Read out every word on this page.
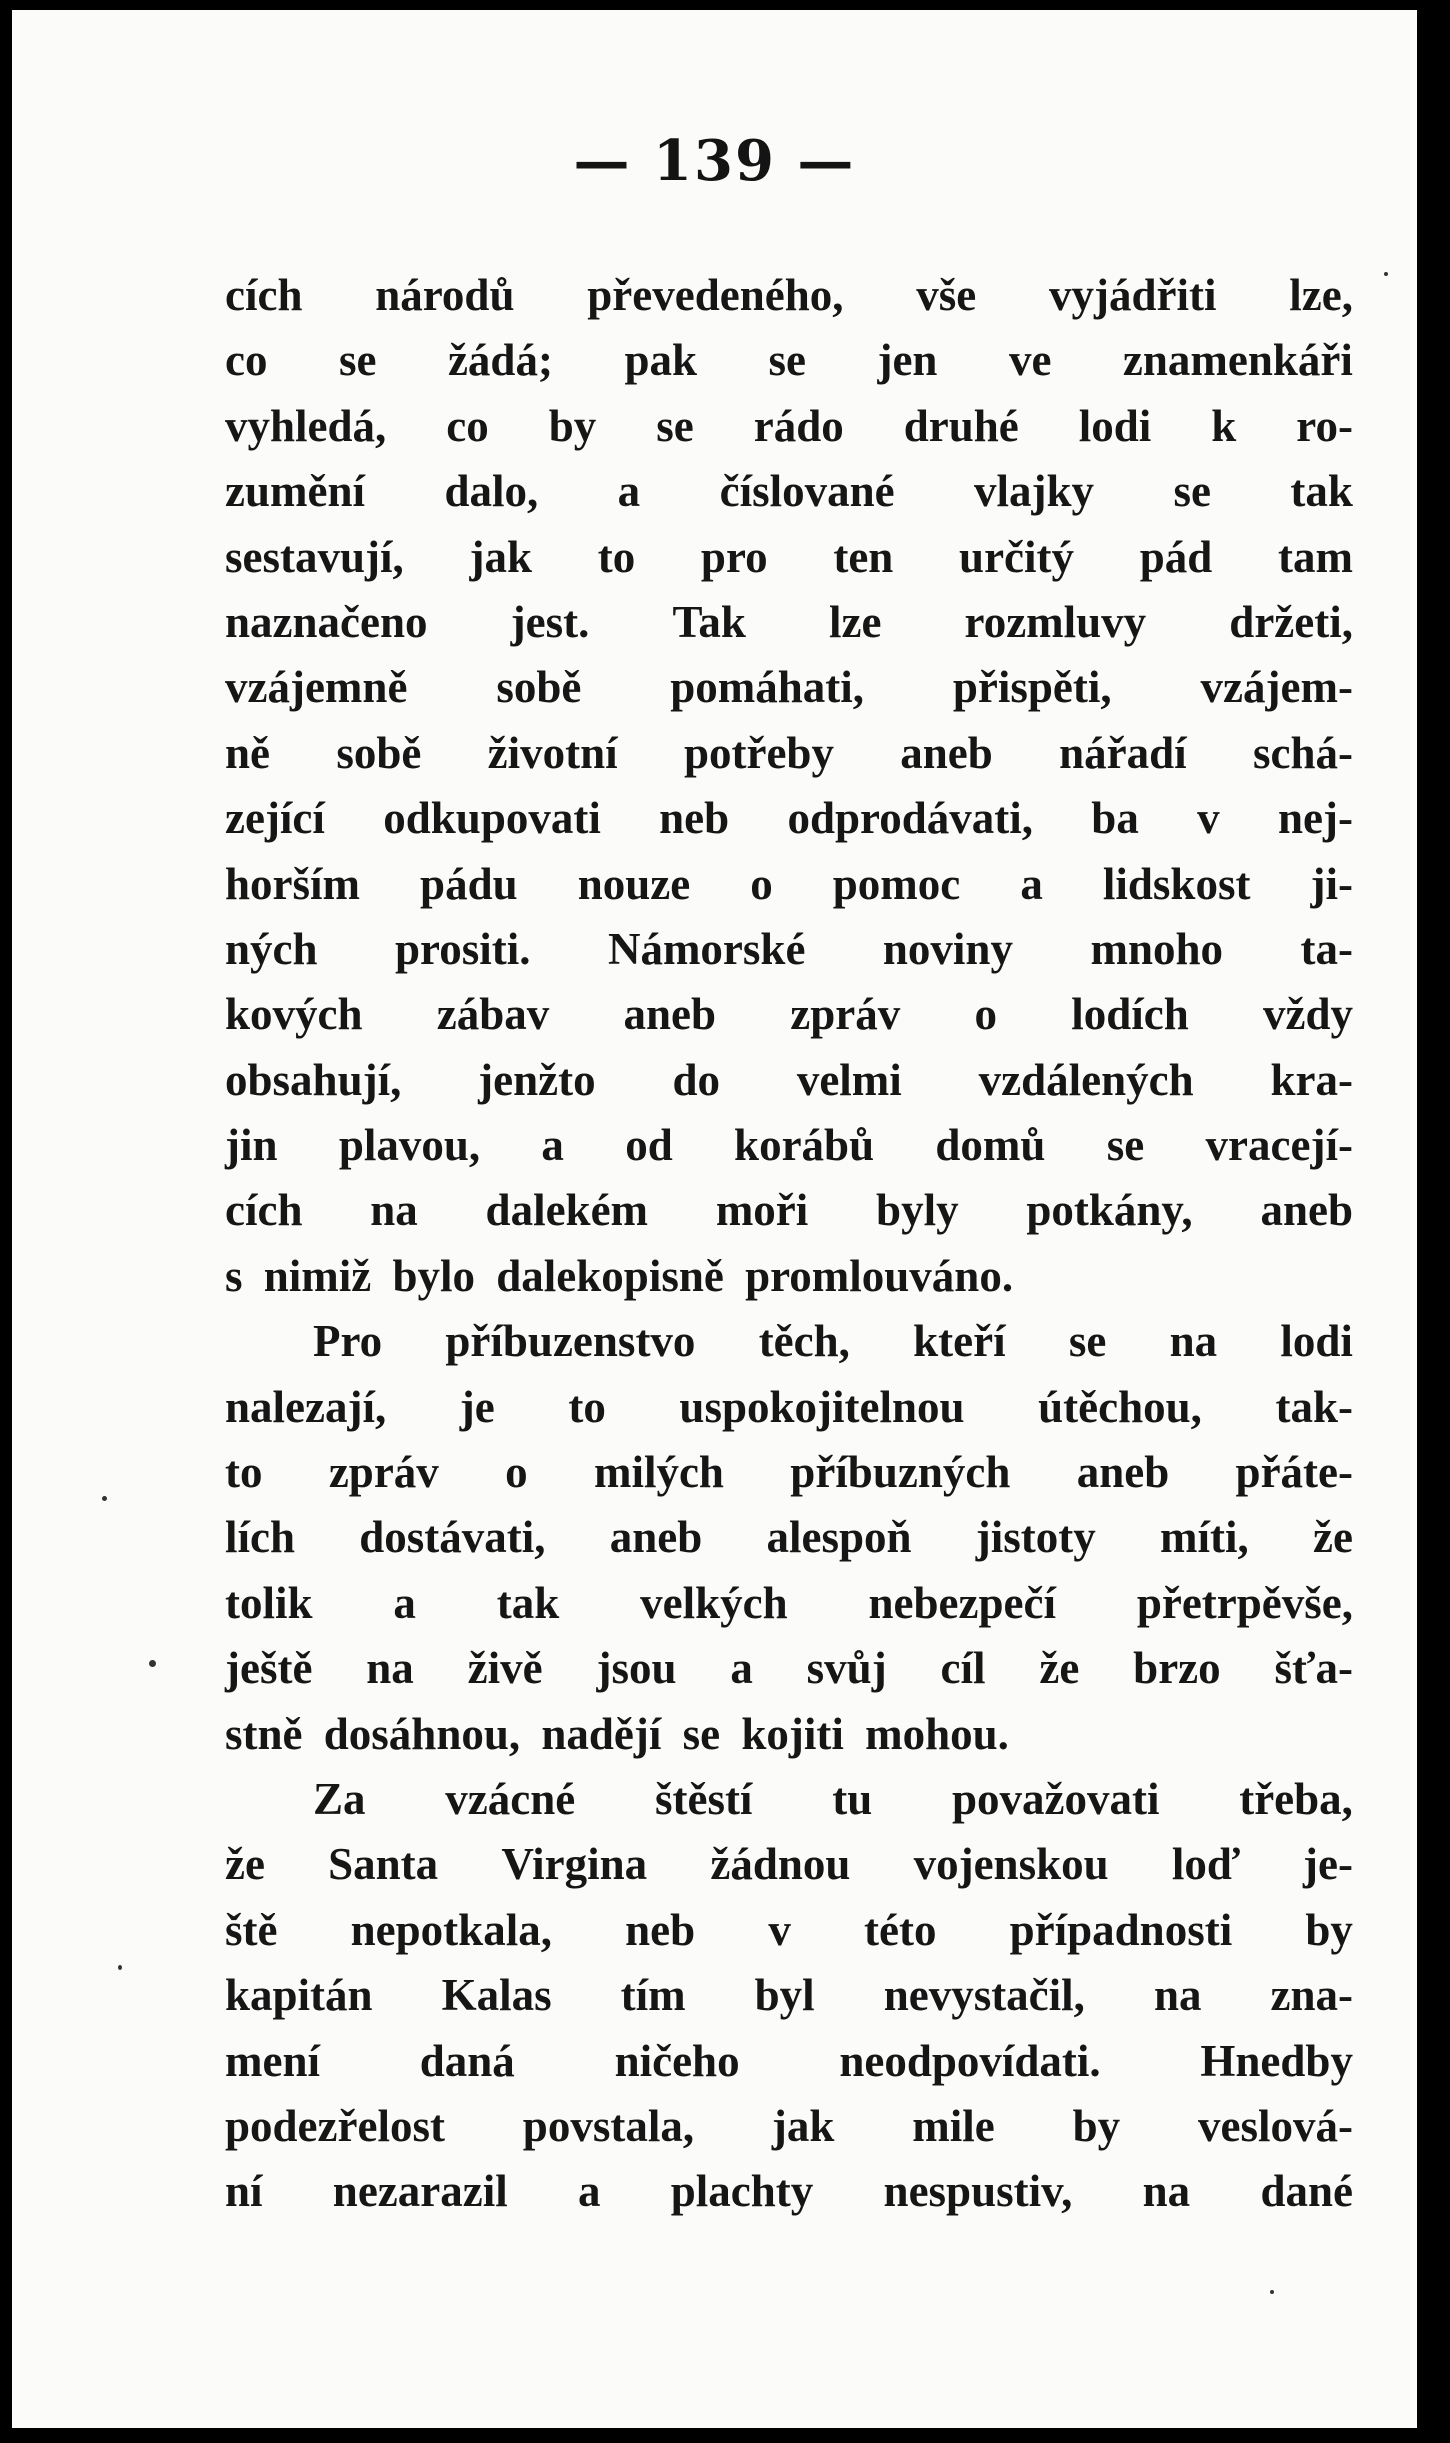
— 139 —
cích národů převedeného, vše vyjádřiti lze,
co se žádá; pak se jen ve znamenkáři
vyhledá, co by se rádo druhé lodi k ro-
zumění dalo, a číslované vlajky se tak
sestavují, jak to pro ten určitý pád tam
naznačeno jest. Tak lze rozmluvy držeti,
vzájemně sobě pomáhati, přispěti, vzájem-
ně sobě životní potřeby aneb nářadí schá-
zející odkupovati neb odprodávati, ba v nej-
horším pádu nouze o pomoc a lidskost ji-
ných prositi. Námorské noviny mnoho ta-
kových zábav aneb zpráv o lodích vždy
obsahují, jenžto do velmi vzdálených kra-
jin plavou, a od korábů domů se vracejí-
cích na dalekém moři byly potkány, aneb
s nimiž bylo dalekopisně promlouváno.
Pro příbuzenstvo těch, kteří se na lodi
nalezají, je to uspokojitelnou útěchou, tak-
to zpráv o milých příbuzných aneb přáte-
lích dostávati, aneb alespoň jistoty míti, že
tolik a tak velkých nebezpečí přetrpěvše,
ještě na živě jsou a svůj cíl že brzo šťa-
stně dosáhnou, nadějí se kojiti mohou.
Za vzácné štěstí tu považovati třeba,
že Santa Virgina žádnou vojenskou loď je-
ště nepotkala, neb v této případnosti by
kapitán Kalas tím byl nevystačil, na zna-
mení daná ničeho neodpovídati. Hnedby
podezřelost povstala, jak mile by veslová-
ní nezarazil a plachty nespustiv, na dané
